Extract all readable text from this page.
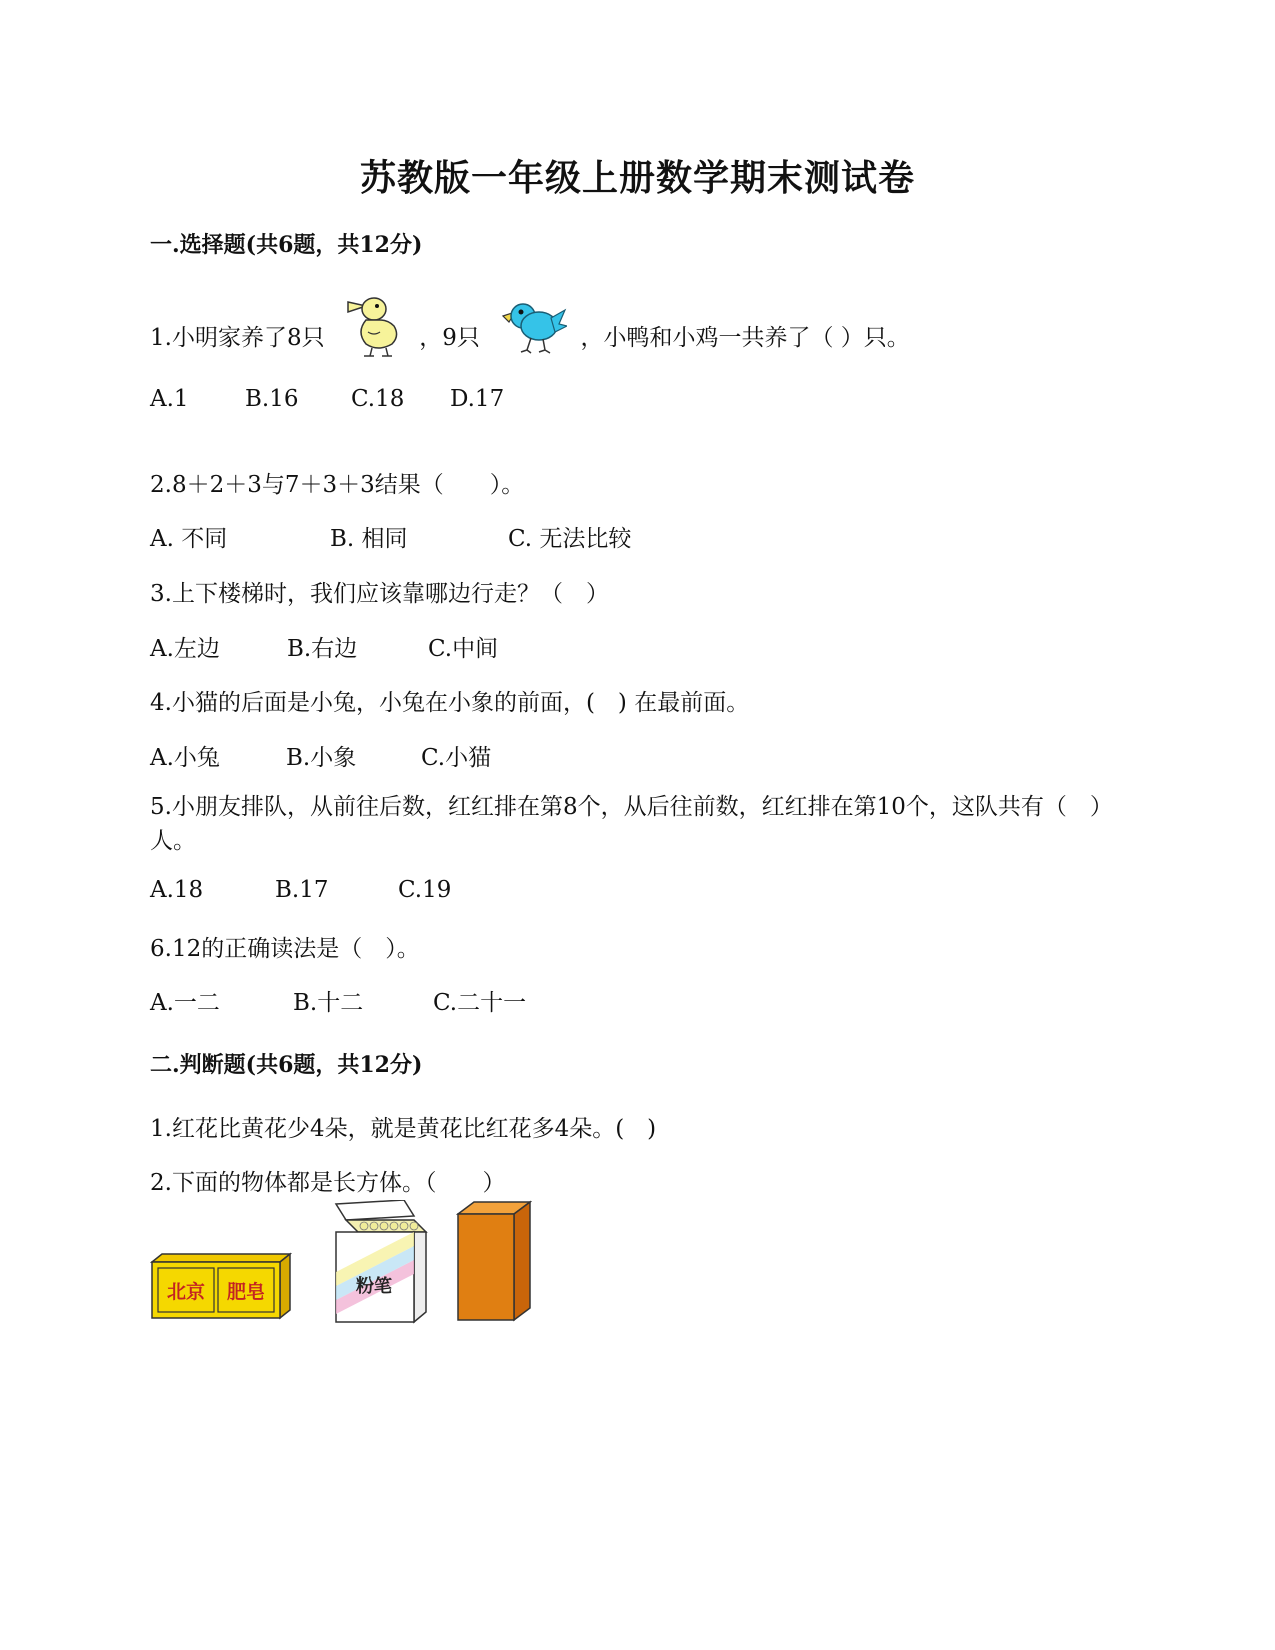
苏教版一年级上册数学期末测试卷
一.选择题(共6题，共12分)
1.小明家养了8只	，9只	，小鸭和小鸡一共养了（ ）只。
A.1 B.16 C.18 D.17
2.8＋2＋3与7＋3＋3结果（　　）。
A. 不同	B. 相同	C. 无法比较
3.上下楼梯时，我们应该靠哪边行走？（　）
A.左边	B.右边	C.中间
4.小猫的后面是小兔，小兔在小象的前面，(　) 在最前面。
A.小兔	B.小象	C.小猫
5.小朋友排队，从前往后数，红红排在第8个，从后往前数，红红排在第10个，这队共有（　）人。
A.18	B.17	C.19
6.12的正确读法是（　）。
A.一二	B.十二	C.二十一
二.判断题(共6题，共12分)
1.红花比黄花少4朵，就是黄花比红花多4朵。(　)
2.下面的物体都是长方体。（　　）
北京 肥皂	粉笔
